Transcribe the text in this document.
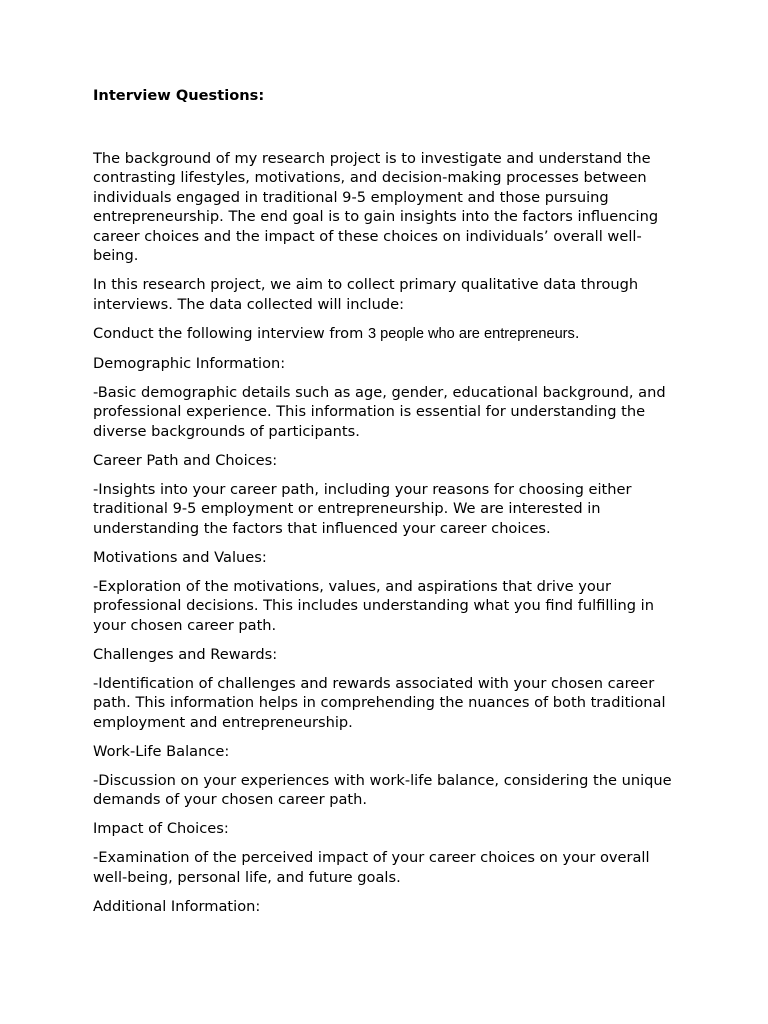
Interview Questions:

The background of my research project is to investigate and understand the contrasting lifestyles, motivations, and decision-making processes between individuals engaged in traditional 9-5 employment and those pursuing entrepreneurship. The end goal is to gain insights into the factors influencing career choices and the impact of these choices on individuals’ overall well-being.

In this research project, we aim to collect primary qualitative data through interviews. The data collected will include:

Conduct the following interview from 3 people who are entrepreneurs.

Demographic Information:

-Basic demographic details such as age, gender, educational background, and professional experience. This information is essential for understanding the diverse backgrounds of participants.

Career Path and Choices:

-Insights into your career path, including your reasons for choosing either traditional 9-5 employment or entrepreneurship. We are interested in understanding the factors that influenced your career choices.

Motivations and Values:

-Exploration of the motivations, values, and aspirations that drive your professional decisions. This includes understanding what you find fulfilling in your chosen career path.

Challenges and Rewards:

-Identification of challenges and rewards associated with your chosen career path. This information helps in comprehending the nuances of both traditional employment and entrepreneurship.

Work-Life Balance:

-Discussion on your experiences with work-life balance, considering the unique demands of your chosen career path.

Impact of Choices:

-Examination of the perceived impact of your career choices on your overall well-being, personal life, and future goals.

Additional Information:
